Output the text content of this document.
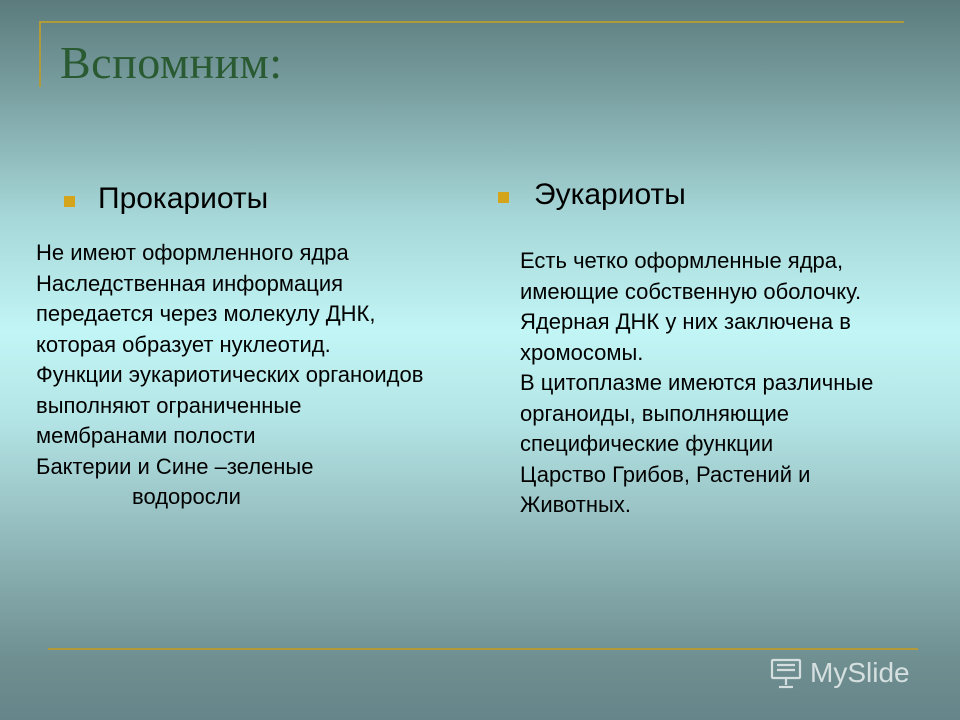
Вспомним:
Прокариоты

Не имеют оформленного ядра

Наследственная информация передается через молекулу ДНК, которая образует нуклеотид.

Функции эукариотических органоидов выполняют ограниченные мембранами полости

Бактерии и Сине –зеленые

водоросли

Эукариоты

Есть четко оформленные ядра, имеющие собственную оболочку.

Ядерная ДНК у них заключена в хромосомы.

В цитоплазме имеются различные органоиды, выполняющие специфические функции

Царство Грибов, Растений и Животных.

MySlide
